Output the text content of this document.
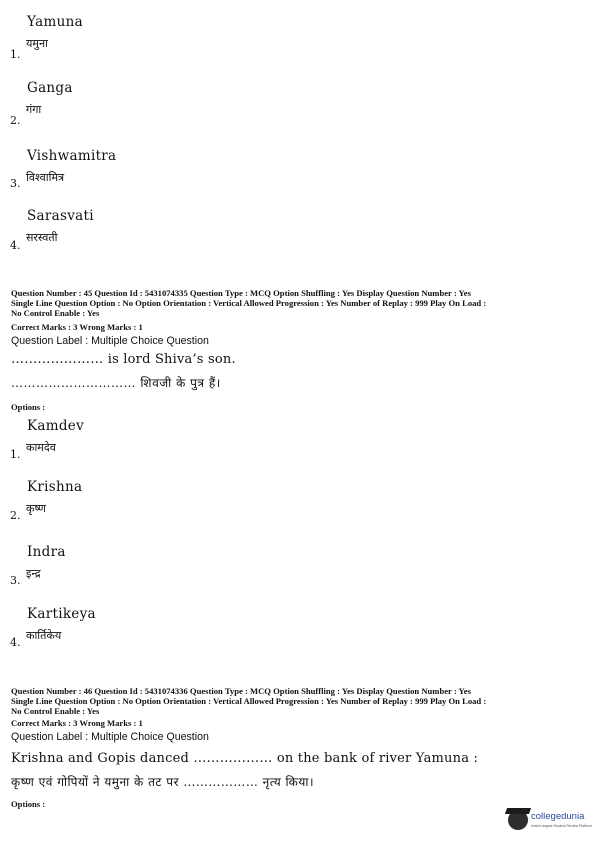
Yamuna
1.
यमुना
Ganga
2.
गंगा
Vishwamitra
3. विश्वामित्र
Sarasvati
4.
सरस्वती
Question Number : 45 Question Id : 5431074335 Question Type : MCQ Option Shuffling : Yes Display Question Number : Yes
Single Line Question Option : No Option Orientation : Vertical Allowed Progression : Yes Number of Replay : 999 Play On Load :
No Control Enable : Yes
Correct Marks : 3 Wrong Marks : 1
Question Label : Multiple Choice Question
………………… is lord Shiva’s son.
………………………… शिवजी के पुत्र हैं।
Options :
Kamdev
1.
कामदेव
Krishna
2.
कृष्ण
Indra
3.
इन्द्र
Kartikeya
4.
कार्तिकेय
Question Number : 46 Question Id : 5431074336 Question Type : MCQ Option Shuffling : Yes Display Question Number : Yes
Single Line Question Option : No Option Orientation : Vertical Allowed Progression : Yes Number of Replay : 999 Play On Load :
No Control Enable : Yes
Correct Marks : 3 Wrong Marks : 1
Question Label : Multiple Choice Question
Krishna and Gopis danced ……………… on the bank of river Yamuna :
कृष्ण एवं गोपियों ने यमुना के तट पर ……………… नृत्य किया।
Options :
collegedunia
India's largest Student Review Platform
